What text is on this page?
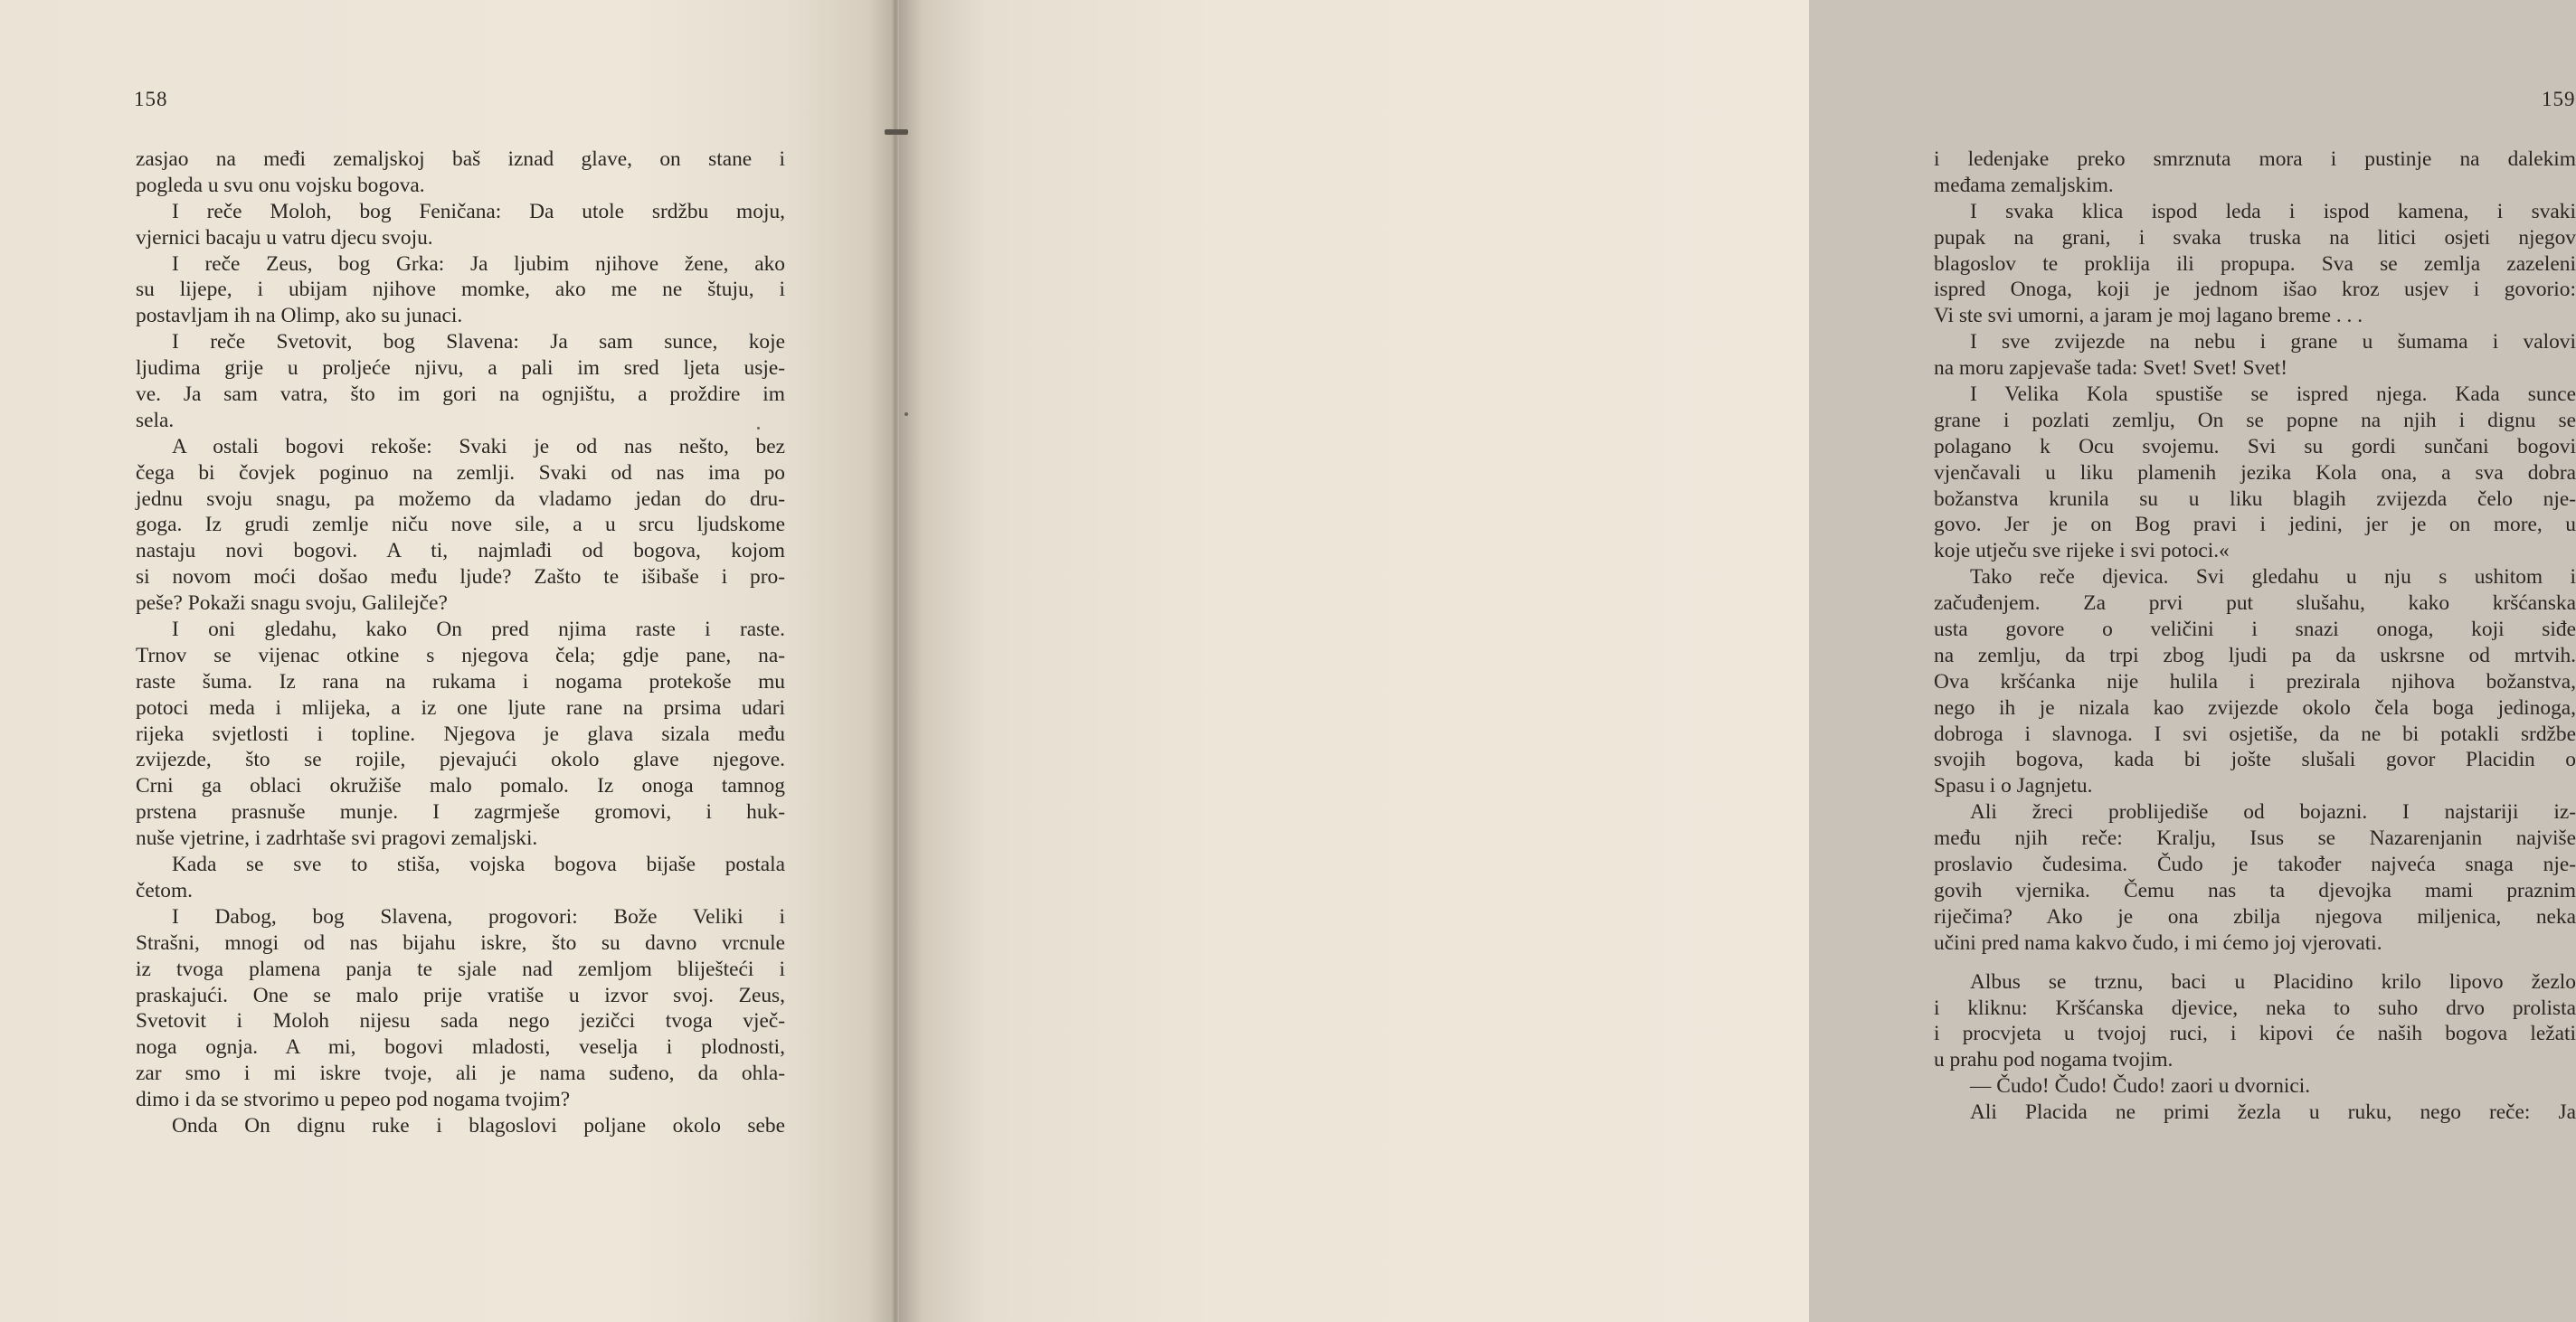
158
zasjao na međi zemaljskoj baš iznad glave, on stane i
pogleda u svu onu vojsku bogova.
I reče Moloh, bog Feničana: Da utole srdžbu moju,
vjernici bacaju u vatru djecu svoju.
I reče Zeus, bog Grka: Ja ljubim njihove žene, ako
su lijepe, i ubijam njihove momke, ako me ne štuju, i
postavljam ih na Olimp, ako su junaci.
I reče Svetovit, bog Slavena: Ja sam sunce, koje
ljudima grije u proljeće njivu, a pali im sred ljeta usje-
ve. Ja sam vatra, što im gori na ognjištu, a proždire im
sela.
A ostali bogovi rekoše: Svaki je od nas nešto, bez
čega bi čovjek poginuo na zemlji. Svaki od nas ima po
jednu svoju snagu, pa možemo da vladamo jedan do dru-
goga. Iz grudi zemlje niču nove sile, a u srcu ljudskome
nastaju novi bogovi. A ti, najmlađi od bogova, kojom
si novom moći došao među ljude? Zašto te išibaše i pro-
peše? Pokaži snagu svoju, Galilejče?
I oni gledahu, kako On pred njima raste i raste.
Trnov se vijenac otkine s njegova čela; gdje pane, na-
raste šuma. Iz rana na rukama i nogama protekoše mu
potoci meda i mlijeka, a iz one ljute rane na prsima udari
rijeka svjetlosti i topline. Njegova je glava sizala među
zvijezde, što se rojile, pjevajući okolo glave njegove.
Crni ga oblaci okružiše malo pomalo. Iz onoga tamnog
prstena prasnuše munje. I zagrmješe gromovi, i huk-
nuše vjetrine, i zadrhtaše svi pragovi zemaljski.
Kada se sve to stiša, vojska bogova bijaše postala
četom.
I Dabog, bog Slavena, progovori: Bože Veliki i
Strašni, mnogi od nas bijahu iskre, što su davno vrcnule
iz tvoga plamena panja te sjale nad zemljom bliješteći i
praskajući. One se malo prije vratiše u izvor svoj. Zeus,
Svetovit i Moloh nijesu sada nego jezičci tvoga vječ-
noga ognja. A mi, bogovi mladosti, veselja i plodnosti,
zar smo i mi iskre tvoje, ali je nama suđeno, da ohla-
dimo i da se stvorimo u pepeo pod nogama tvojim?
Onda On dignu ruke i blagoslovi poljane okolo sebe
159
i ledenjake preko smrznuta mora i pustinje na dalekim
međama zemaljskim.
I svaka klica ispod leda i ispod kamena, i svaki
pupak na grani, i svaka truska na litici osjeti njegov
blagoslov te proklija ili propupa. Sva se zemlja zazeleni
ispred Onoga, koji je jednom išao kroz usjev i govorio:
Vi ste svi umorni, a jaram je moj lagano breme . . .
I sve zvijezde na nebu i grane u šumama i valovi
na moru zapjevaše tada: Svet! Svet! Svet!
I Velika Kola spustiše se ispred njega. Kada sunce
grane i pozlati zemlju, On se popne na njih i dignu se
polagano k Ocu svojemu. Svi su gordi sunčani bogovi
vjenčavali u liku plamenih jezika Kola ona, a sva dobra
božanstva krunila su u liku blagih zvijezda čelo nje-
govo. Jer je on Bog pravi i jedini, jer je on more, u
koje utječu sve rijeke i svi potoci.«
Tako reče djevica. Svi gledahu u nju s ushitom i
začuđenjem. Za prvi put slušahu, kako kršćanska
usta govore o veličini i snazi onoga, koji siđe
na zemlju, da trpi zbog ljudi pa da uskrsne od mrtvih.
Ova kršćanka nije hulila i prezirala njihova božanstva,
nego ih je nizala kao zvijezde okolo čela boga jedinoga,
dobroga i slavnoga. I svi osjetiše, da ne bi potakli srdžbe
svojih bogova, kada bi jošte slušali govor Placidin o
Spasu i o Jagnjetu.
Ali žreci problijediše od bojazni. I najstariji iz-
među njih reče: Kralju, Isus se Nazarenjanin najviše
proslavio čudesima. Čudo je također najveća snaga nje-
govih vjernika. Čemu nas ta djevojka mami praznim
riječima? Ako je ona zbilja njegova miljenica, neka
učini pred nama kakvo čudo, i mi ćemo joj vjerovati.
Albus se trznu, baci u Placidino krilo lipovo žezlo
i kliknu: Kršćanska djevice, neka to suho drvo prolista
i procvjeta u tvojoj ruci, i kipovi će naših bogova ležati
u prahu pod nogama tvojim.
— Čudo! Čudo! Čudo! zaori u dvornici.
Ali Placida ne primi žezla u ruku, nego reče: Ja
